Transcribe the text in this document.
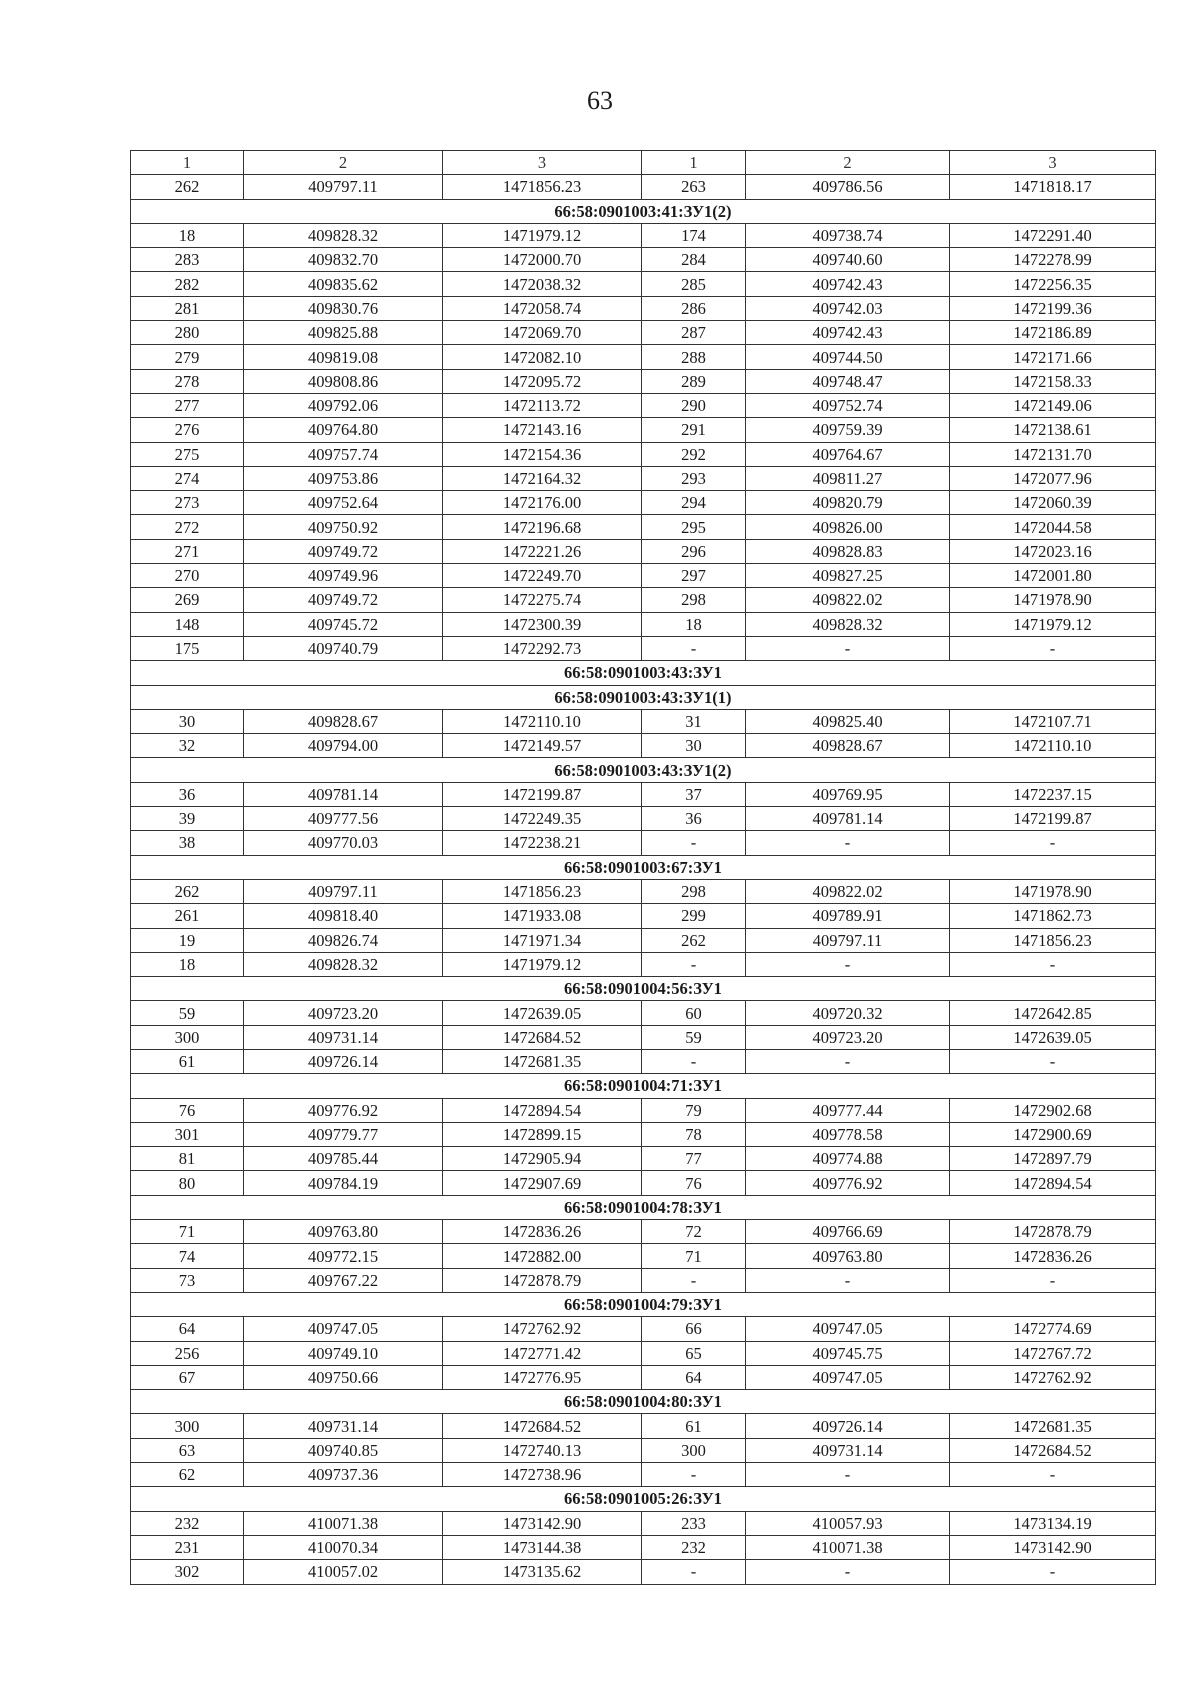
63
1	2	3	1	2	3
262	409797.11	1471856.23	263	409786.56	1471818.17
66:58:0901003:41:ЗУ1(2)					
18	409828.32	1471979.12	174	409738.74	1472291.40
283	409832.70	1472000.70	284	409740.60	1472278.99
282	409835.62	1472038.32	285	409742.43	1472256.35
281	409830.76	1472058.74	286	409742.03	1472199.36
280	409825.88	1472069.70	287	409742.43	1472186.89
279	409819.08	1472082.10	288	409744.50	1472171.66
278	409808.86	1472095.72	289	409748.47	1472158.33
277	409792.06	1472113.72	290	409752.74	1472149.06
276	409764.80	1472143.16	291	409759.39	1472138.61
275	409757.74	1472154.36	292	409764.67	1472131.70
274	409753.86	1472164.32	293	409811.27	1472077.96
273	409752.64	1472176.00	294	409820.79	1472060.39
272	409750.92	1472196.68	295	409826.00	1472044.58
271	409749.72	1472221.26	296	409828.83	1472023.16
270	409749.96	1472249.70	297	409827.25	1472001.80
269	409749.72	1472275.74	298	409822.02	1471978.90
148	409745.72	1472300.39	18	409828.32	1471979.12
175	409740.79	1472292.73	-	-	-
66:58:0901003:43:ЗУ1					
66:58:0901003:43:ЗУ1(1)					
30	409828.67	1472110.10	31	409825.40	1472107.71
32	409794.00	1472149.57	30	409828.67	1472110.10
66:58:0901003:43:ЗУ1(2)					
36	409781.14	1472199.87	37	409769.95	1472237.15
39	409777.56	1472249.35	36	409781.14	1472199.87
38	409770.03	1472238.21	-	-	-
66:58:0901003:67:ЗУ1					
262	409797.11	1471856.23	298	409822.02	1471978.90
261	409818.40	1471933.08	299	409789.91	1471862.73
19	409826.74	1471971.34	262	409797.11	1471856.23
18	409828.32	1471979.12	-	-	-
66:58:0901004:56:ЗУ1					
59	409723.20	1472639.05	60	409720.32	1472642.85
300	409731.14	1472684.52	59	409723.20	1472639.05
61	409726.14	1472681.35	-	-	-
66:58:0901004:71:ЗУ1					
76	409776.92	1472894.54	79	409777.44	1472902.68
301	409779.77	1472899.15	78	409778.58	1472900.69
81	409785.44	1472905.94	77	409774.88	1472897.79
80	409784.19	1472907.69	76	409776.92	1472894.54
66:58:0901004:78:ЗУ1					
71	409763.80	1472836.26	72	409766.69	1472878.79
74	409772.15	1472882.00	71	409763.80	1472836.26
73	409767.22	1472878.79	-	-	-
66:58:0901004:79:ЗУ1					
64	409747.05	1472762.92	66	409747.05	1472774.69
256	409749.10	1472771.42	65	409745.75	1472767.72
67	409750.66	1472776.95	64	409747.05	1472762.92
66:58:0901004:80:ЗУ1					
300	409731.14	1472684.52	61	409726.14	1472681.35
63	409740.85	1472740.13	300	409731.14	1472684.52
62	409737.36	1472738.96	-	-	-
66:58:0901005:26:ЗУ1					
232	410071.38	1473142.90	233	410057.93	1473134.19
231	410070.34	1473144.38	232	410071.38	1473142.90
302	410057.02	1473135.62	-	-	-
